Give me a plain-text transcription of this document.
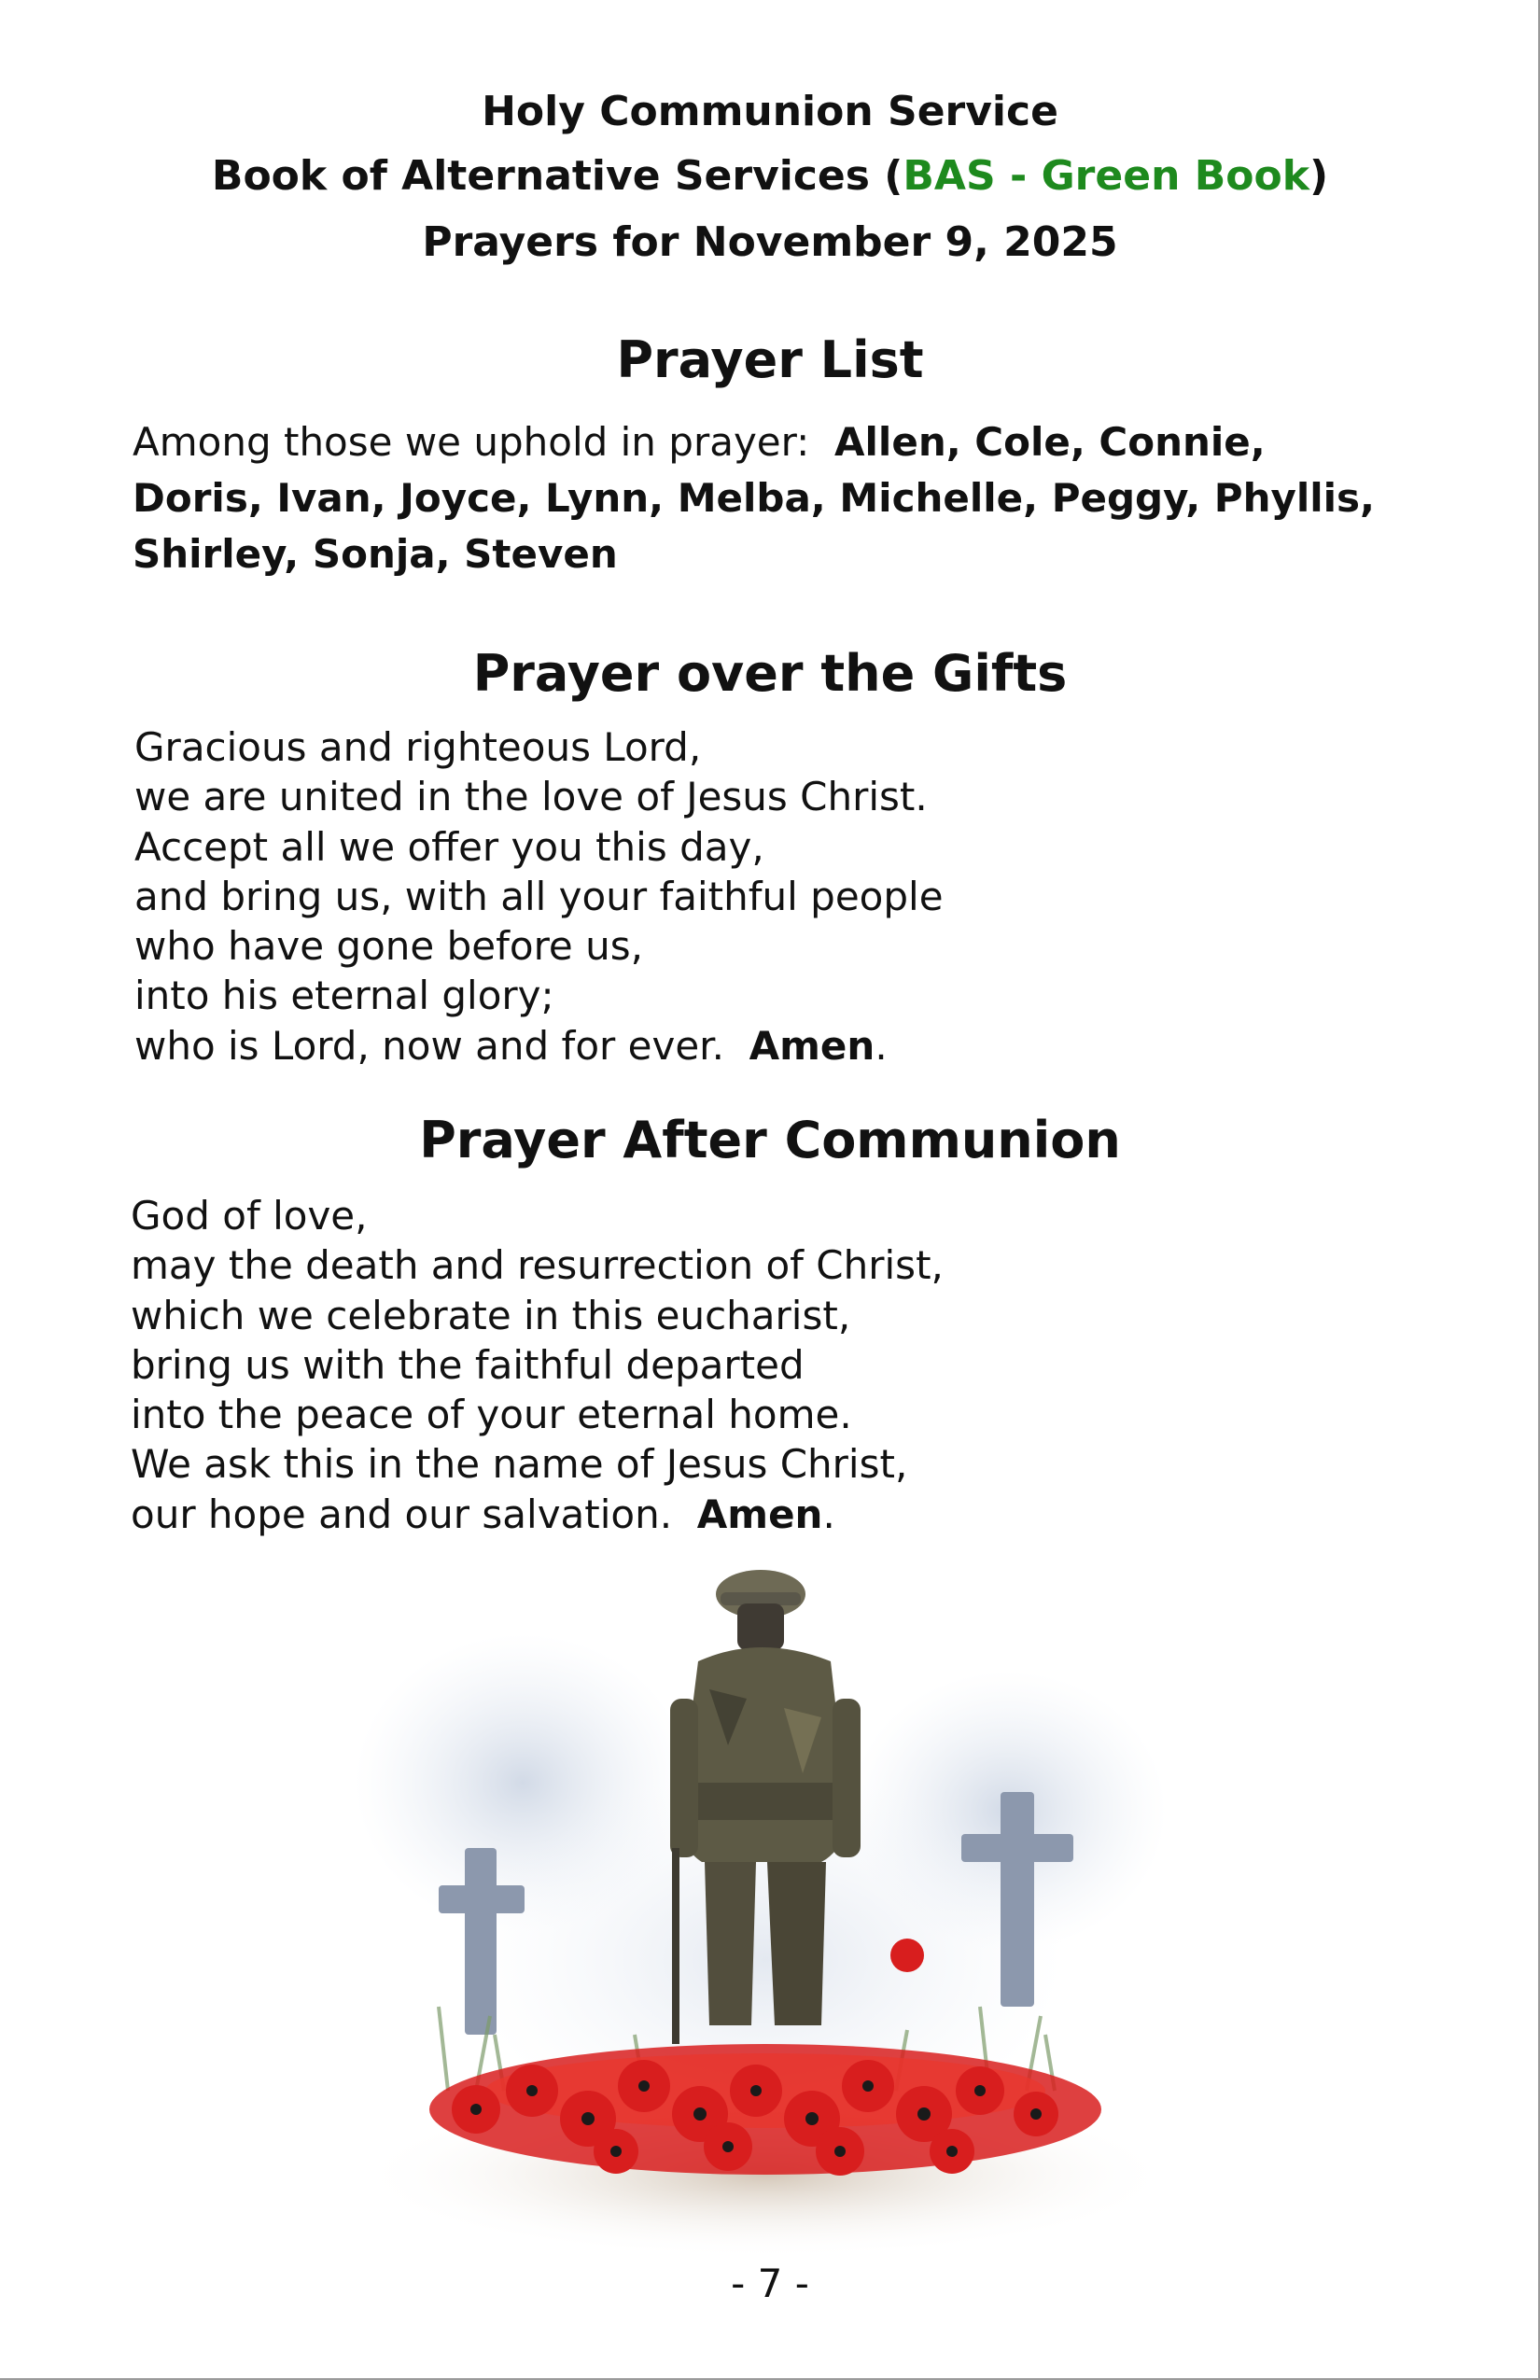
Holy Communion Service
Book of Alternative Services (BAS - Green Book)
Prayers for November 9, 2025
Prayer List
Among those we uphold in prayer: Allen, Cole, Connie, Doris, Ivan, Joyce, Lynn, Melba, Michelle, Peggy, Phyllis, Shirley, Sonja, Steven
Prayer over the Gifts
Gracious and righteous Lord,
we are united in the love of Jesus Christ.
Accept all we offer you this day,
and bring us, with all your faithful people
who have gone before us,
into his eternal glory;
who is Lord, now and for ever. Amen.
Prayer After Communion
God of love,
may the death and resurrection of Christ,
which we celebrate in this eucharist,
bring us with the faithful departed
into the peace of your eternal home.
We ask this in the name of Jesus Christ,
our hope and our salvation. Amen.
- 7 -
